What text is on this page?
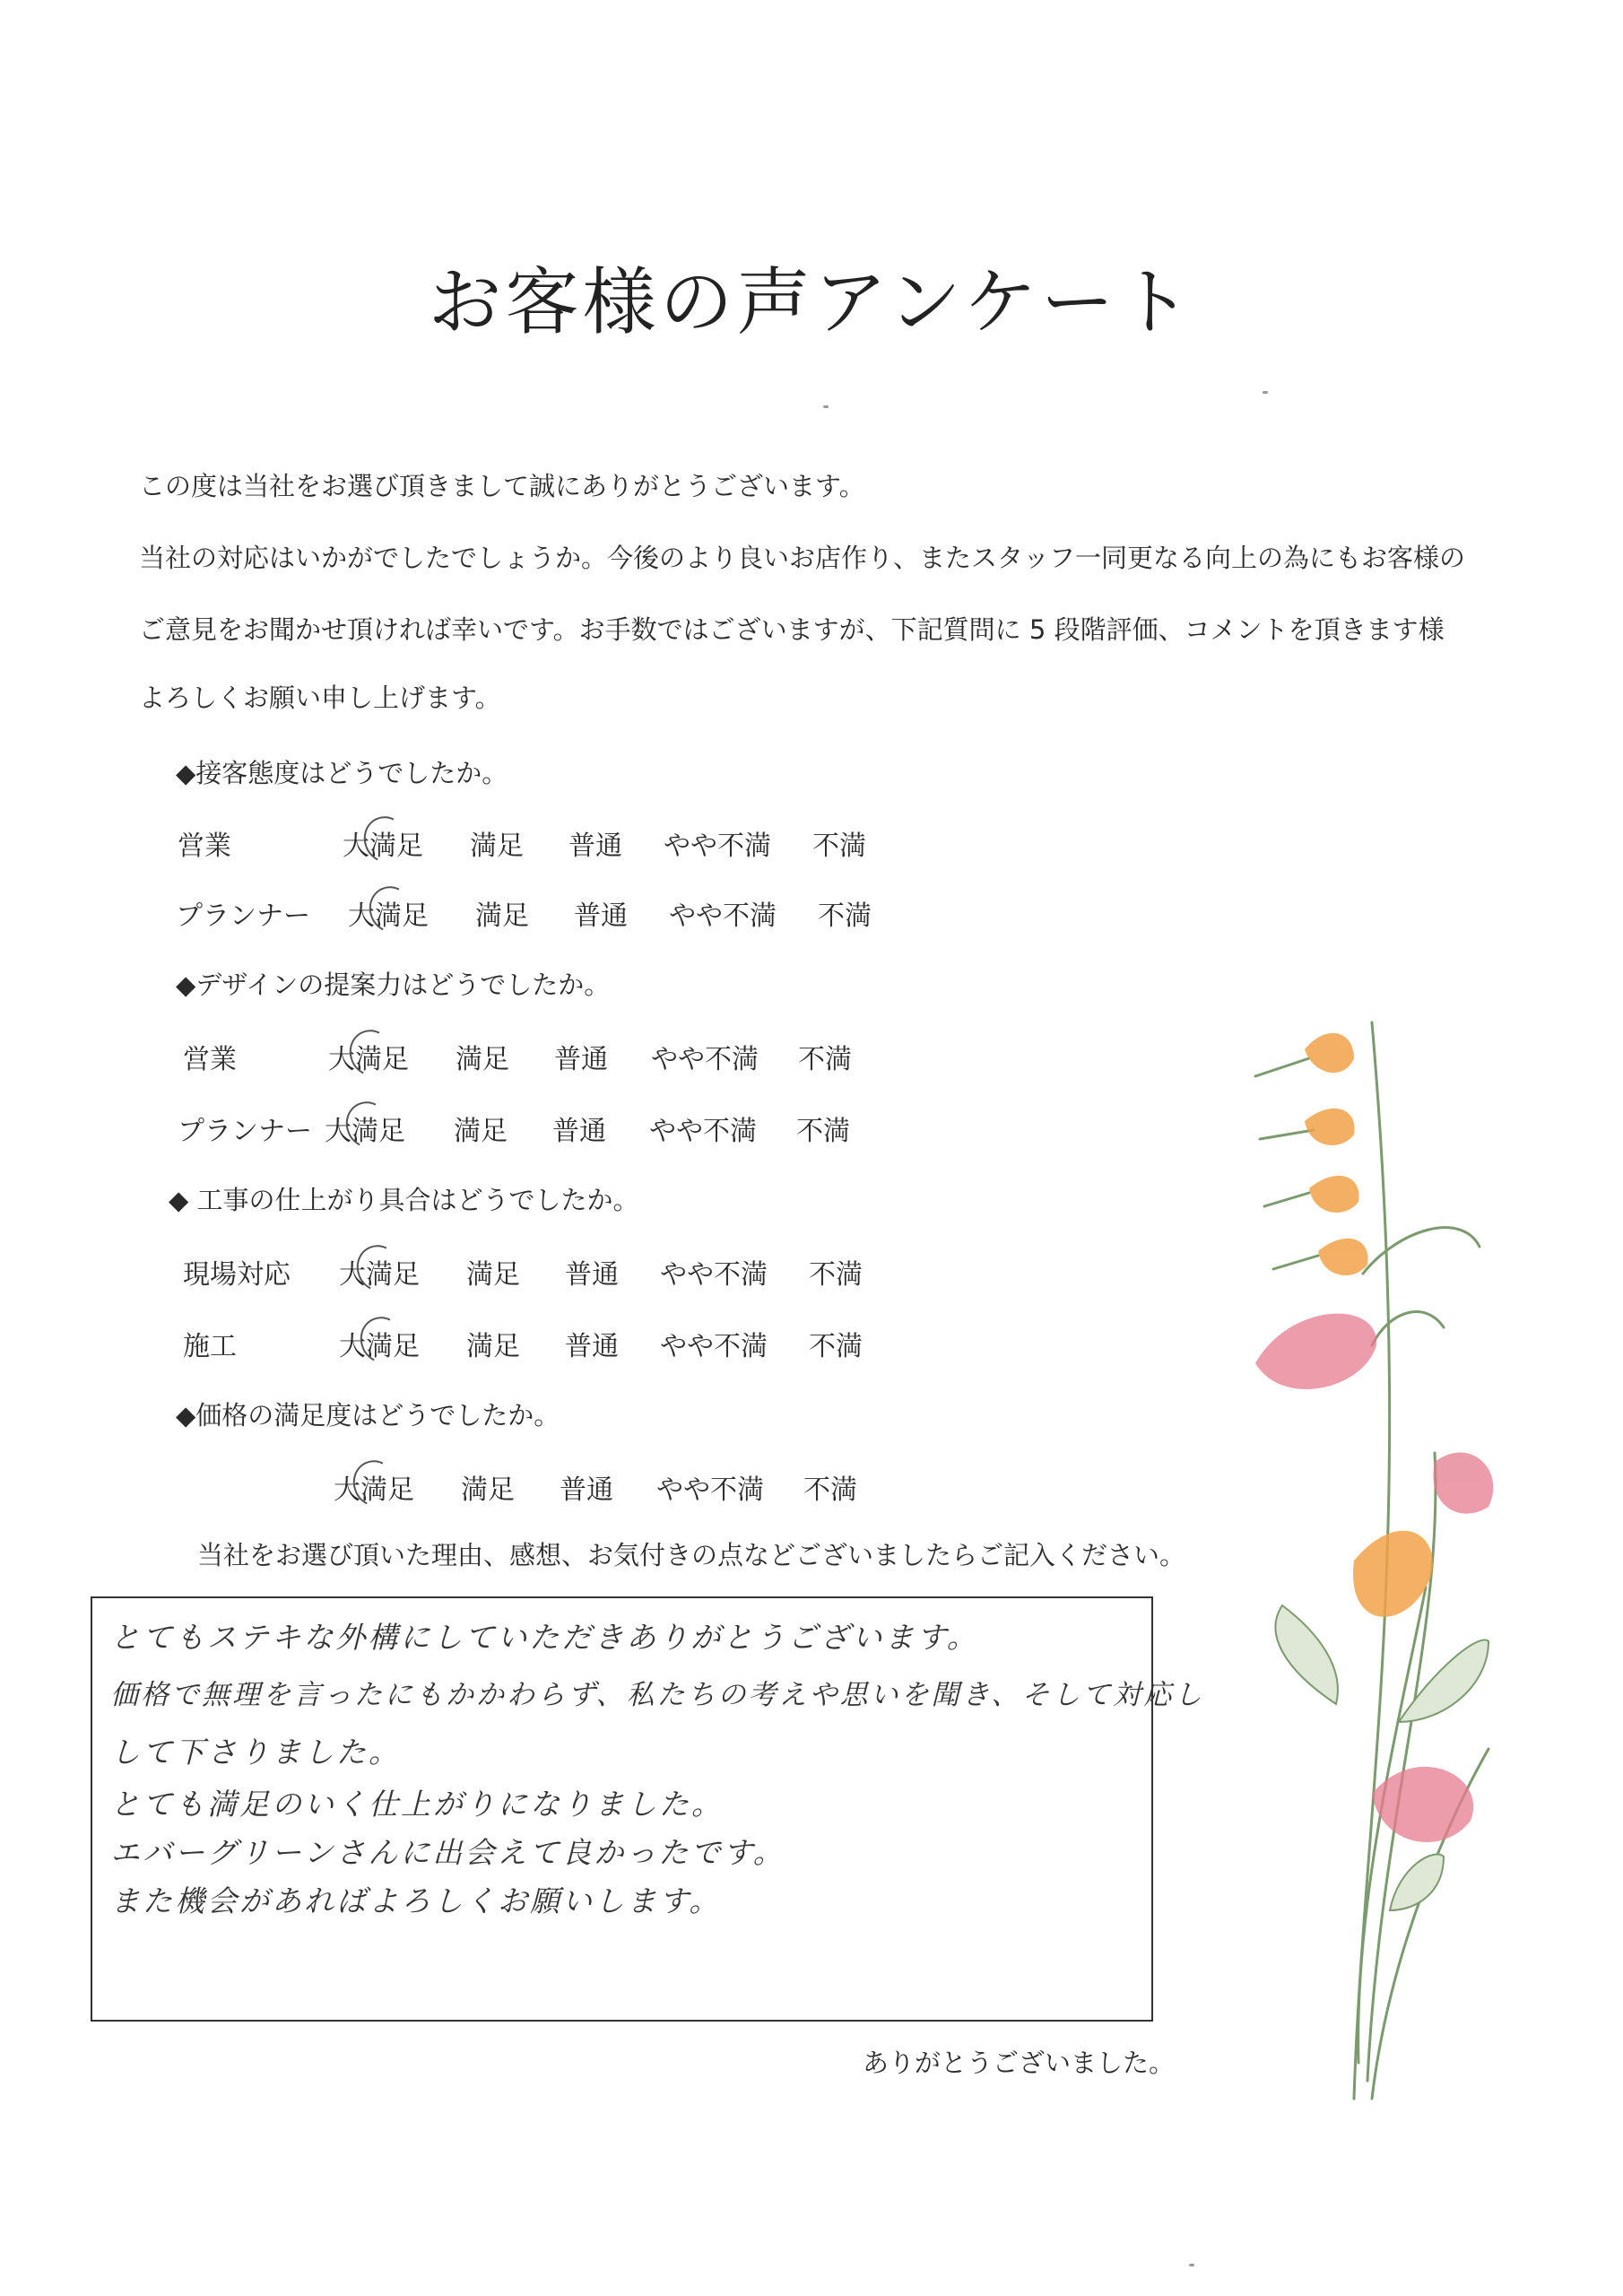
お客様の声アンケート
この度は当社をお選び頂きまして誠にありがとうございます。
当社の対応はいかがでしたでしょうか。今後のより良いお店作り、またスタッフ一同更なる向上の為にもお客様の
ご意見をお聞かせ頂ければ幸いです。お手数ではございますが、下記質問に 5 段階評価、コメントを頂きます様
よろしくお願い申し上げます。
◆接客態度はどうでしたか。
営業	大満足 満足 普通 やや不満 不満
プランナー 大満足 満足 普通 やや不満 不満
◆デザインの提案力はどうでしたか。
営業	大満足 満足 普通 やや不満 不満
プランナー 大満足 満足 普通 やや不満 不満
◆ 工事の仕上がり具合はどうでしたか。
現場対応 大満足 満足 普通 やや不満 不満
施工	大満足 満足 普通 やや不満 不満
◆価格の満足度はどうでしたか。
大満足 満足 普通 やや不満 不満
当社をお選び頂いた理由、感想、お気付きの点などございましたらご記入ください。
とてもステキな外構にしていただきありがとうございます。
価格で無理を言ったにもかかわらず、私たちの考えや思いを聞き、そして対応し
して下さりました。
とても満足のいく仕上がりになりました。
エバーグリーンさんに出会えて良かったです。
また機会があればよろしくお願いします。
ありがとうございました。
